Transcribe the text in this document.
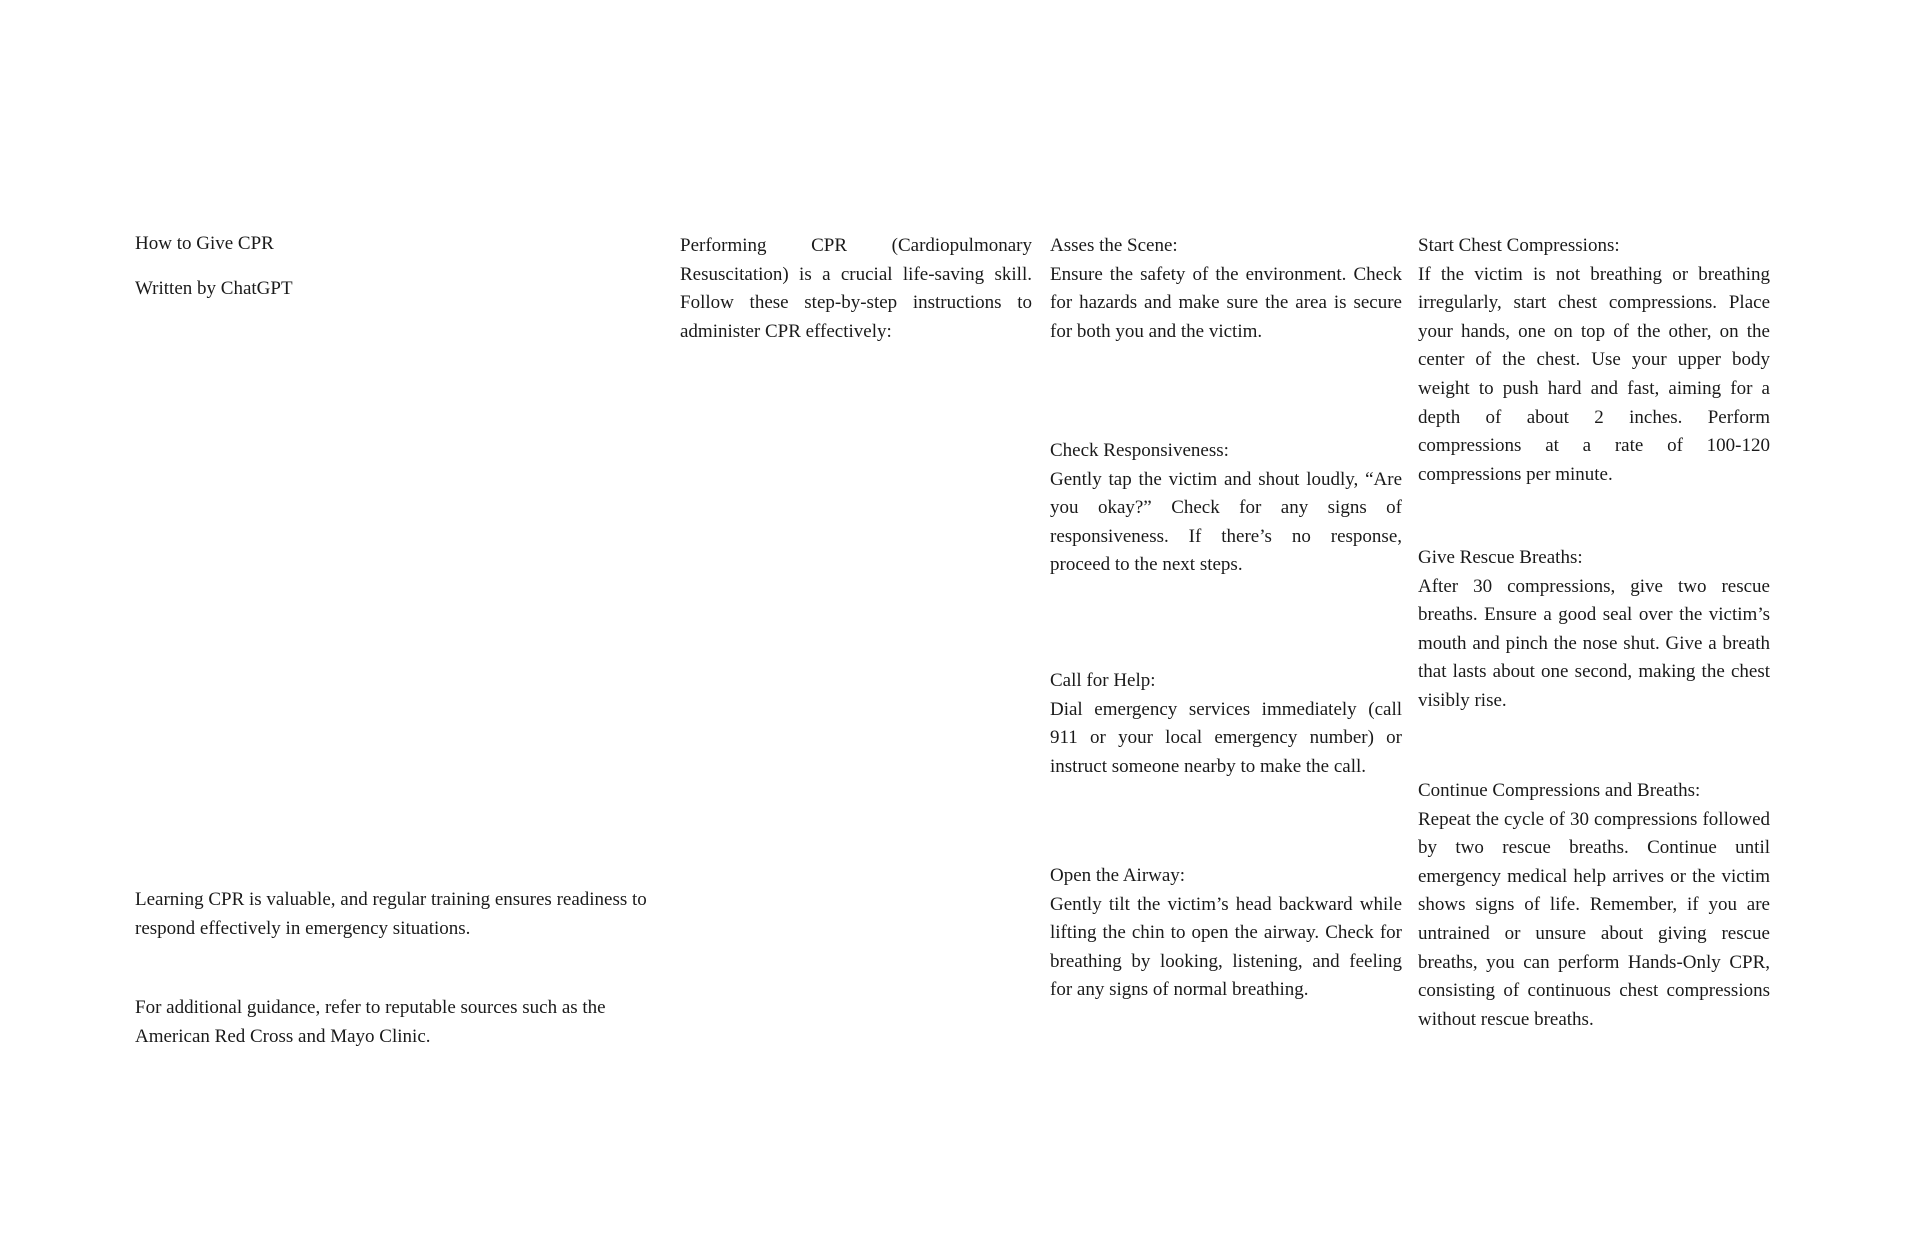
How to Give CPR

Written by ChatGPT

Performing CPR (Cardiopulmonary Resuscitation) is a crucial life-saving skill. Follow these step-by-step instructions to administer CPR effectively:

Asses the Scene:
Ensure the safety of the environment. Check for hazards and make sure the area is secure for both you and the victim.
Check Responsiveness:
Gently tap the victim and shout loudly, “Are you okay?” Check for any signs of responsiveness. If there’s no response, proceed to the next steps.
Call for Help:
Dial emergency services immediately (call 911 or your local emergency number) or instruct someone nearby to make the call.
Open the Airway:
Gently tilt the victim’s head backward while lifting the chin to open the airway. Check for breathing by looking, listening, and feeling for any signs of normal breathing.
Start Chest Compressions:
If the victim is not breathing or breathing irregularly, start chest compressions. Place your hands, one on top of the other, on the center of the chest. Use your upper body weight to push hard and fast, aiming for a depth of about 2 inches. Perform compressions at a rate of 100-120 compressions per minute.
Give Rescue Breaths:
After 30 compressions, give two rescue breaths. Ensure a good seal over the victim’s mouth and pinch the nose shut. Give a breath that lasts about one second, making the chest visibly rise.
Continue Compressions and Breaths:
Repeat the cycle of 30 compressions followed by two rescue breaths. Continue until emergency medical help arrives or the victim shows signs of life. Remember, if you are untrained or unsure about giving rescue breaths, you can perform Hands-Only CPR, consisting of continuous chest compressions without rescue breaths.

Learning CPR is valuable, and regular training ensures readiness to respond effectively in emergency situations.

For additional guidance, refer to reputable sources such as the American Red Cross and Mayo Clinic.
